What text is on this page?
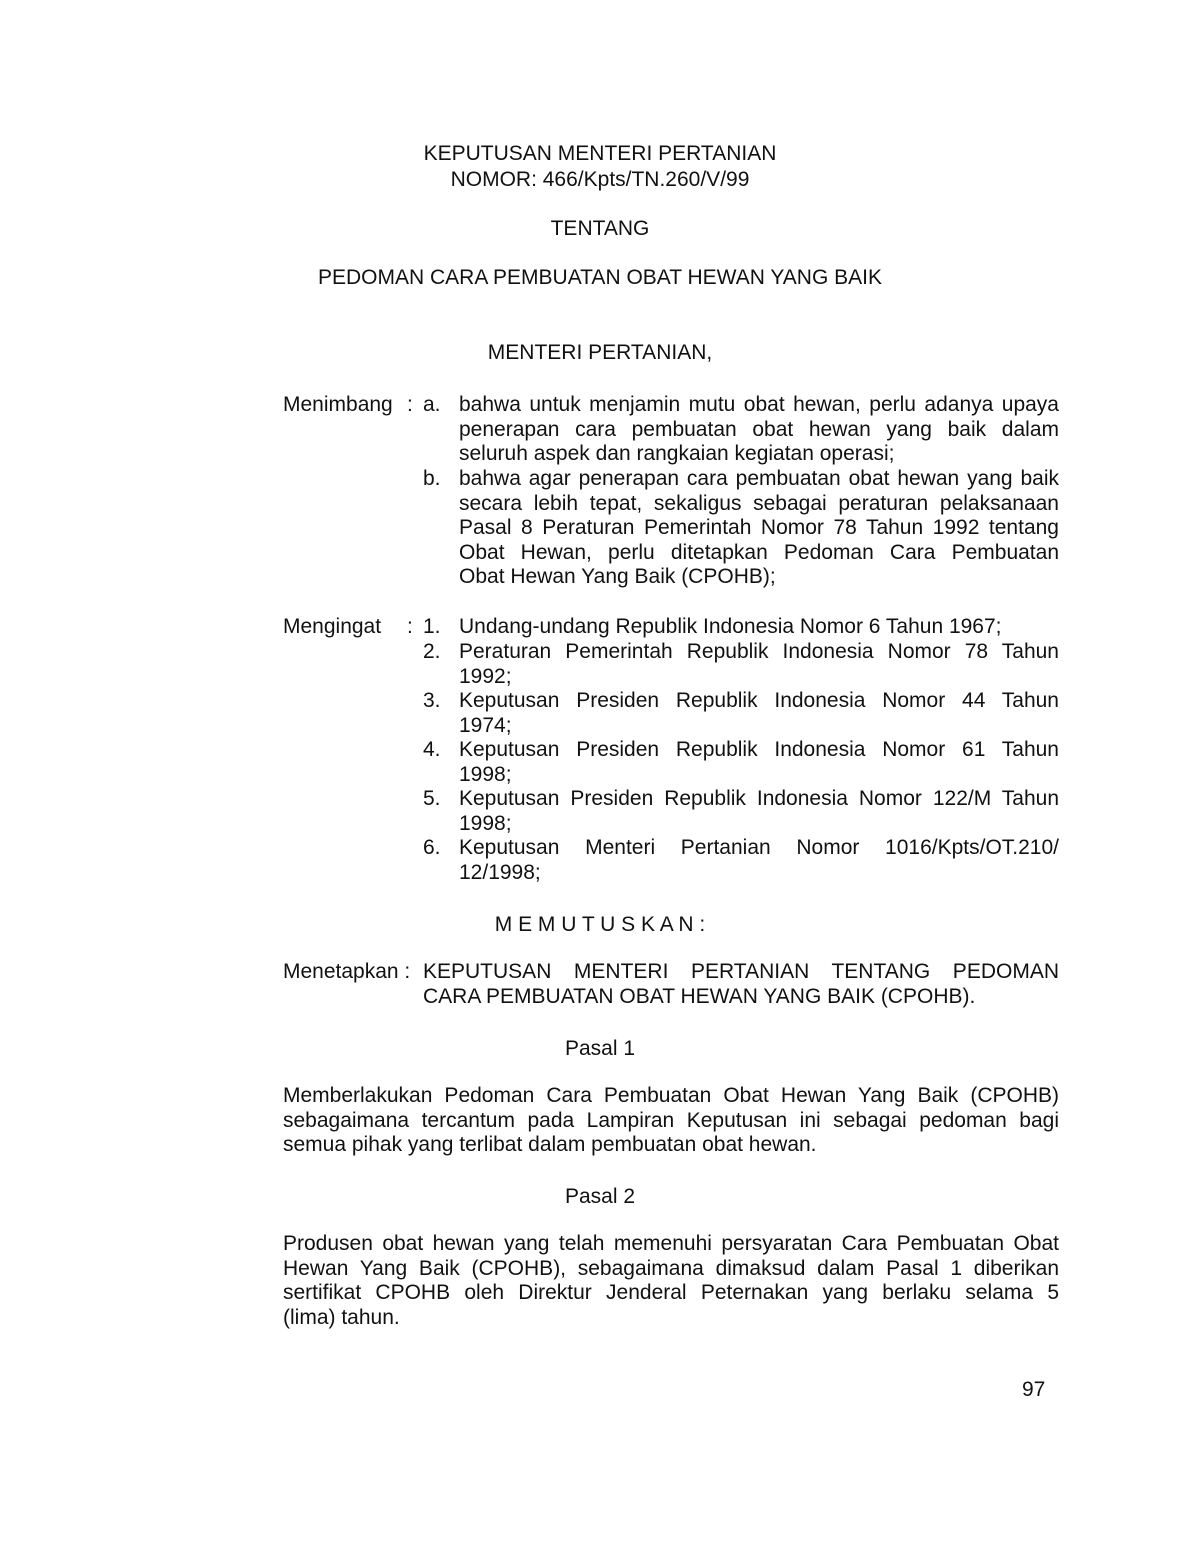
KEPUTUSAN MENTERI PERTANIAN
NOMOR: 466/Kpts/TN.260/V/99
TENTANG
PEDOMAN CARA PEMBUATAN OBAT HEWAN YANG BAIK
MENTERI PERTANIAN,
Menimbang : a. bahwa untuk menjamin mutu obat hewan, perlu adanya upaya
penerapan cara pembuatan obat hewan yang baik dalam
seluruh aspek dan rangkaian kegiatan operasi;
b. bahwa agar penerapan cara pembuatan obat hewan yang baik
secara lebih tepat, sekaligus sebagai peraturan pelaksanaan
Pasal 8 Peraturan Pemerintah Nomor 78 Tahun 1992 tentang
Obat Hewan, perlu ditetapkan Pedoman Cara Pembuatan
Obat Hewan Yang Baik (CPOHB);
Mengingat : 1. Undang-undang Republik Indonesia Nomor 6 Tahun 1967;
2. Peraturan Pemerintah Republik Indonesia Nomor 78 Tahun
1992;
3. Keputusan Presiden Republik Indonesia Nomor 44 Tahun
1974;
4. Keputusan Presiden Republik Indonesia Nomor 61 Tahun
1998;
5. Keputusan Presiden Republik Indonesia Nomor 122/M Tahun
1998;
6. Keputusan Menteri Pertanian Nomor 1016/Kpts/OT.210/
12/1998;
M E M U T U S K A N :
Menetapkan : KEPUTUSAN MENTERI PERTANIAN TENTANG PEDOMAN
CARA PEMBUATAN OBAT HEWAN YANG BAIK (CPOHB).
Pasal 1
Memberlakukan Pedoman Cara Pembuatan Obat Hewan Yang Baik (CPOHB)
sebagaimana tercantum pada Lampiran Keputusan ini sebagai pedoman bagi
semua pihak yang terlibat dalam pembuatan obat hewan.
Pasal 2
Produsen obat hewan yang telah memenuhi persyaratan Cara Pembuatan Obat
Hewan Yang Baik (CPOHB), sebagaimana dimaksud dalam Pasal 1 diberikan
sertifikat CPOHB oleh Direktur Jenderal Peternakan yang berlaku selama 5
(lima) tahun.
97
